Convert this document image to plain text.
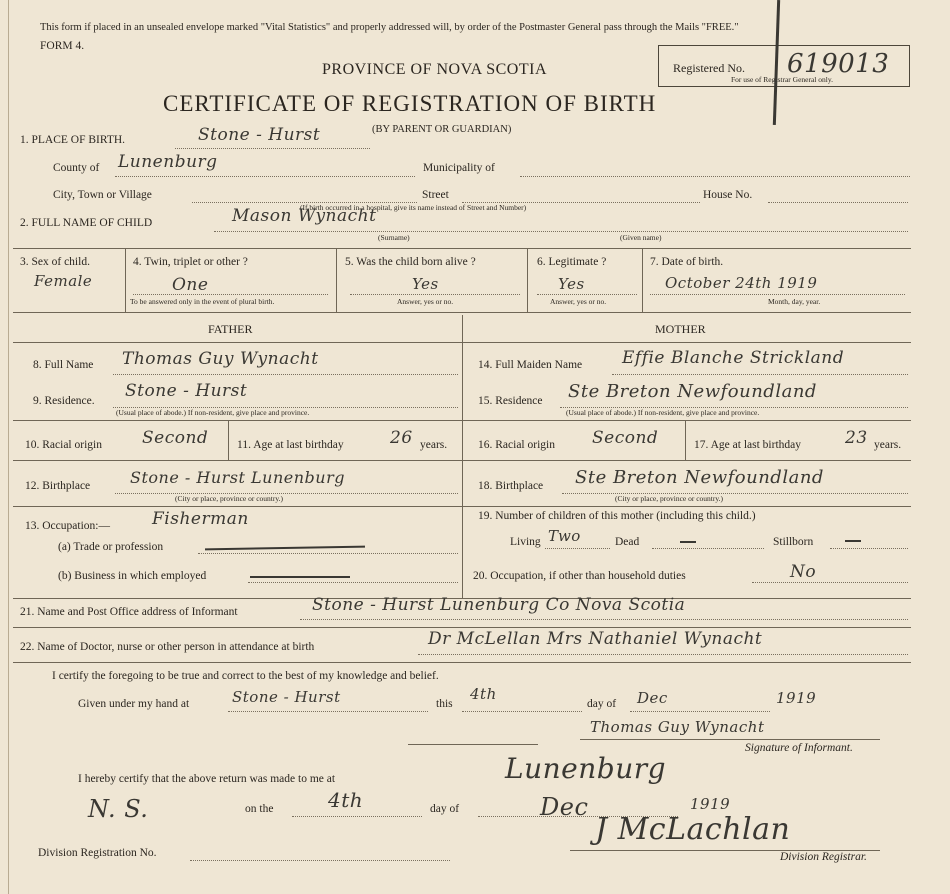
This form if placed in an unsealed envelope marked "Vital Statistics" and properly addressed will, by order of the Postmaster General pass through the Mails "FREE."
FORM 4.
PROVINCE OF NOVA SCOTIA
CERTIFICATE OF REGISTRATION OF BIRTH
Registered No. 619013
For use of Registrar General only.
1. PLACE OF BIRTH.	Stone - Hurst	(BY PARENT OR GUARDIAN)
County of Lunenburg	Municipality of
City, Town or Village	Street	House No.
(If birth occurred in a hospital, give its name instead of Street and Number)
2. FULL NAME OF CHILD	Mason Wynacht
(Surname)	(Given name)
3. Sex of child.
Female
4. Twin, triplet or other ?
One
To be answered only in the event of plural birth.
5. Was the child born alive ?
Yes
Answer, yes or no.
6. Legitimate ?
Yes
Answer, yes or no.
7. Date of birth.
October 24th 1919
Month, day, year.
FATHER	MOTHER
8. Full Name Thomas Guy Wynacht
9. Residence. Stone - Hurst
(Usual place of abode.) If non-resident, give place and province.
10. Racial origin Second 11. Age at last birthday	26 years.
12. Birthplace Stone - Hurst Lunenburg
(City or place, province or country.)
13. Occupation:— Fisherman
(a) Trade or profession
(b) Business in which employed
14. Full Maiden Name Effie Blanche Strickland
15. Residence Ste Breton Newfoundland
(Usual place of abode.) If non-resident, give place and province.
16. Racial origin Second	17. Age at last birthday	23 years.
18. Birthplace Ste Breton Newfoundland
(City or place, province or country.)
19. Number of children of this mother (including this child.)
Living Two	Dead	Stillborn
20. Occupation, if other than household duties	No
21. Name and Post Office address of Informant	Stone - Hurst Lunenburg Co Nova Scotia
22. Name of Doctor, nurse or other person in attendance at birth	Dr McLellan Mrs Nathaniel Wynacht
I certify the foregoing to be true and correct to the best of my knowledge and belief.
Given under my hand at	Stone - Hurst	this
4th
day of Dec	1919
Thomas Guy Wynacht
Signature of Informant.
I hereby certify that the above return was made to me at	Lunenburg
N. S.	on the	4th	day of	Dec	1919
Division Registration No.
J McLachlan
Division Registrar.
